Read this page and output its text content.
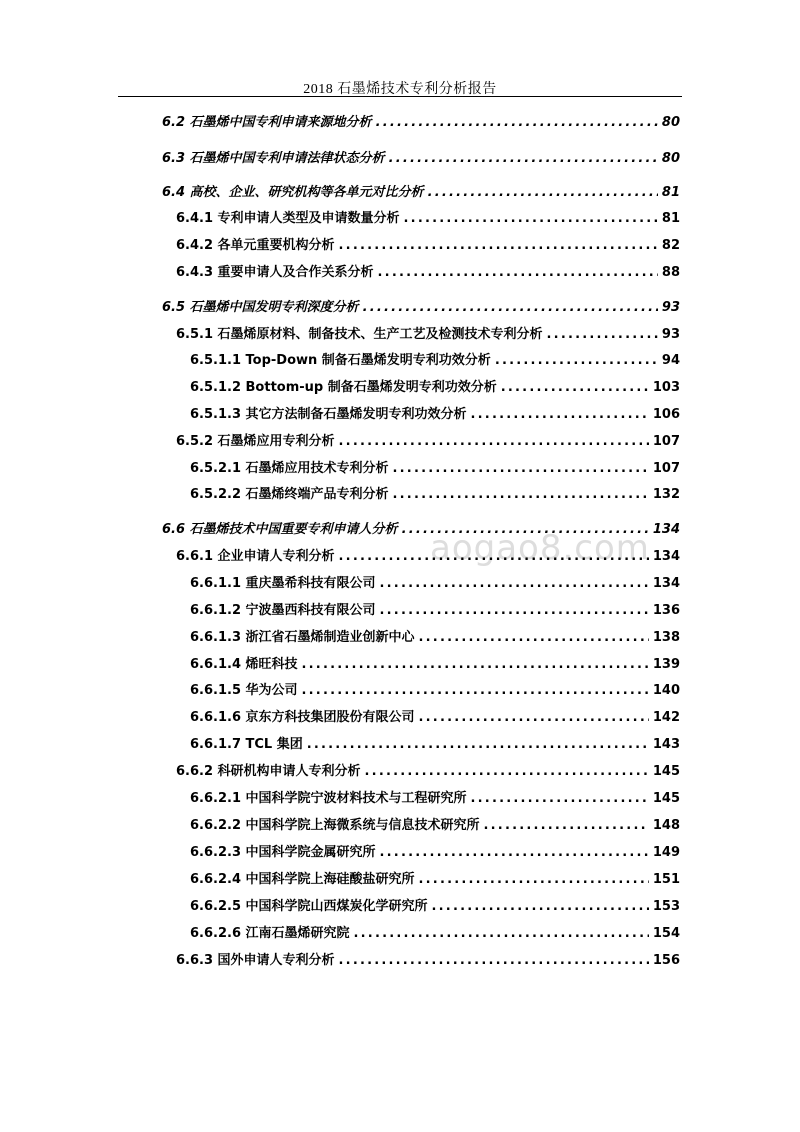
2018 石墨烯技术专利分析报告
aogao8.com
6.2 石墨烯中国专利申请来源地分析 .....	80
6.3 石墨烯中国专利申请法律状态分析 .....	80
6.4 高校、企业、研究机构等各单元对比分析 .....	81
6.4.1 专利申请人类型及申请数量分析 .....	81
6.4.2 各单元重要机构分析 .....	82
6.4.3 重要申请人及合作关系分析 .....	88
6.5 石墨烯中国发明专利深度分析 .....	93
6.5.1 石墨烯原材料、制备技术、生产工艺及检测技术专利分析 .....	93
6.5.1.1 Top-Down 制备石墨烯发明专利功效分析 .....	94
6.5.1.2 Bottom-up 制备石墨烯发明专利功效分析 .....	103
6.5.1.3 其它方法制备石墨烯发明专利功效分析 .....	106
6.5.2 石墨烯应用专利分析 .....	107
6.5.2.1 石墨烯应用技术专利分析 .....	107
6.5.2.2 石墨烯终端产品专利分析 .....	132
6.6 石墨烯技术中国重要专利申请人分析 .....	134
6.6.1 企业申请人专利分析 .....	134
6.6.1.1 重庆墨希科技有限公司 .....	134
6.6.1.2 宁波墨西科技有限公司 .....	136
6.6.1.3 浙江省石墨烯制造业创新中心 .....	138
6.6.1.4 烯旺科技 .....	139
6.6.1.5 华为公司 .....	140
6.6.1.6 京东方科技集团股份有限公司 .....	142
6.6.1.7 TCL 集团 .....	143
6.6.2 科研机构申请人专利分析 .....	145
6.6.2.1 中国科学院宁波材料技术与工程研究所 .....	145
6.6.2.2 中国科学院上海微系统与信息技术研究所 .....	148
6.6.2.3 中国科学院金属研究所 .....	149
6.6.2.4 中国科学院上海硅酸盐研究所 .....	151
6.6.2.5 中国科学院山西煤炭化学研究所 .....	153
6.6.2.6 江南石墨烯研究院 .....	154
6.6.3 国外申请人专利分析 .....	156
